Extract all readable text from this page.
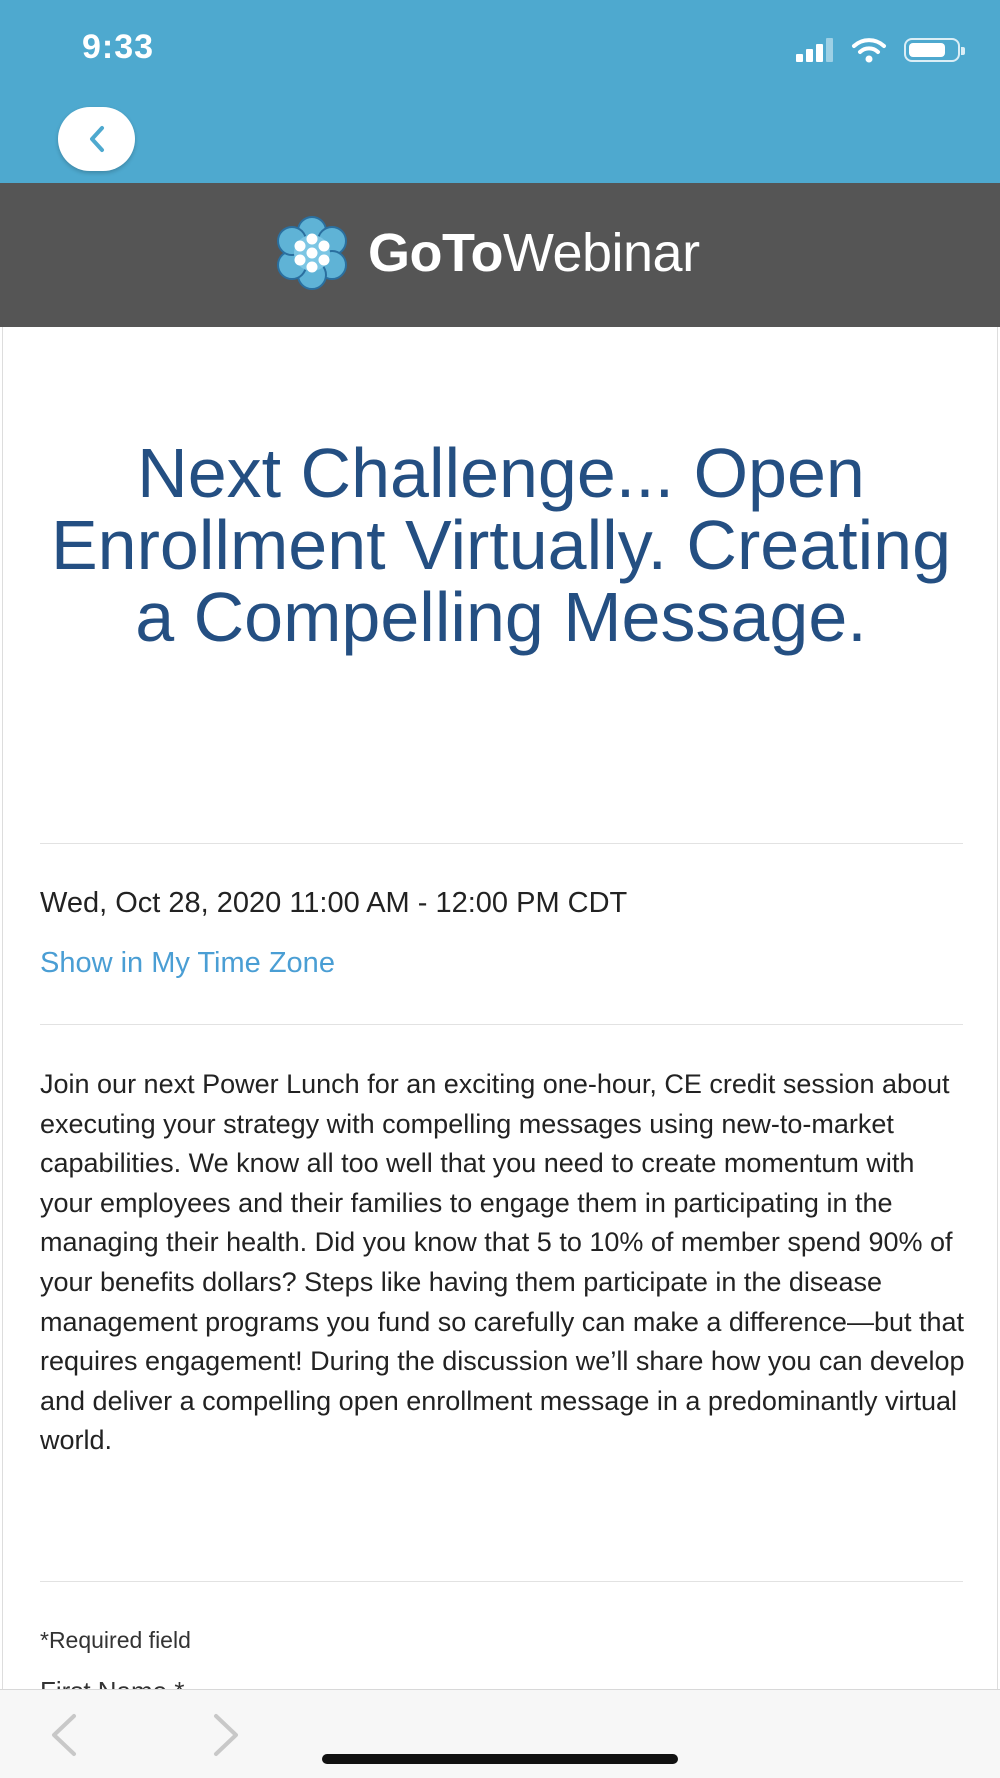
9:33
GoToWebinar
Next Challenge... Open Enrollment Virtually. Creating a Compelling Message.
Wed, Oct 28, 2020 11:00 AM - 12:00 PM CDT
Show in My Time Zone

Join our next Power Lunch for an exciting one-hour, CE credit session about executing your strategy with compelling messages using new-to-market capabilities. We know all too well that you need to create momentum with your employees and their families to engage them in participating in the managing their health. Did you know that 5 to 10% of member spend 90% of your benefits dollars? Steps like having them participate in the disease management programs you fund so carefully can make a difference—but that requires engagement! During the discussion we’ll share how you can develop and deliver a compelling open enrollment message in a predominantly virtual world.

*Required field
